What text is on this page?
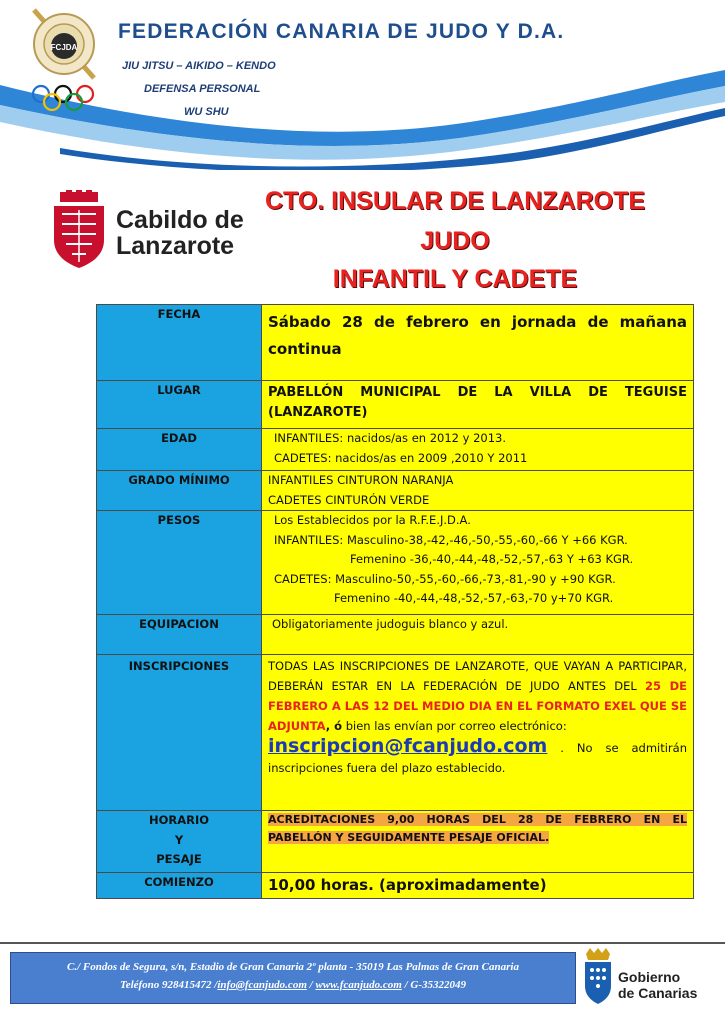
FCJDA
FEDERACIÓN CANARIA DE JUDO Y D.A.
JIU JITSU – AIKIDO – KENDO
DEFENSA PERSONAL
WU SHU
Cabildo de
Lanzarote
CTO. INSULAR DE LANZAROTE
JUDO
INFANTIL Y CADETE
FECHA	Sábado 28 de febrero en jornada de mañana continua

LUGAR	PABELLÓN MUNICIPAL DE LA VILLA DE TEGUISE (LANZAROTE)

EDAD	INFANTILES: nacidos/as en 2012 y 2013.
CADETES: nacidos/as en 2009 ,2010 Y 2011

GRADO MÍNIMO	INFANTILES CINTURON NARANJA
CADETES CINTURÓN VERDE

PESOS	Los Establecidos por la R.F.E.J.D.A.
INFANTILES: Masculino-38,-42,-46,-50,-55,-60,-66 Y +66 KGR.
Femenino -36,-40,-44,-48,-52,-57,-63 Y +63 KGR.
CADETES: Masculino-50,-55,-60,-66,-73,-81,-90 y +90 KGR.
Femenino -40,-44,-48,-52,-57,-63,-70 y+70 KGR.

EQUIPACION	Obligatoriamente judoguis blanco y azul.

INSCRIPCIONES	TODAS LAS INSCRIPCIONES DE LANZAROTE, QUE VAYAN A PARTICIPAR, DEBERÁN ESTAR EN LA FEDERACIÓN DE JUDO ANTES DEL 25 DE FEBRERO A LAS 12 DEL MEDIO DIA EN EL FORMATO EXEL QUE SE ADJUNTA, ó bien las envían por correo electrónico:
inscripcion@fcanjudo.com . No se admitirán inscripciones fuera del plazo establecido.

HORARIO
Y
PESAJE	ACREDITACIONES 9,00 HORAS DEL 28 DE FEBRERO EN EL PABELLÓN Y SEGUIDAMENTE PESAJE OFICIAL.

COMIENZO	10,00 horas. (aproximadamente)
C./ Fondos de Segura, s/n, Estadio de Gran Canaria 2º planta - 35019 Las Palmas de Gran Canaria
Teléfono 928415472 /info@fcanjudo.com / www.fcanjudo.com / G-35322049	Gobierno
de Canarias
